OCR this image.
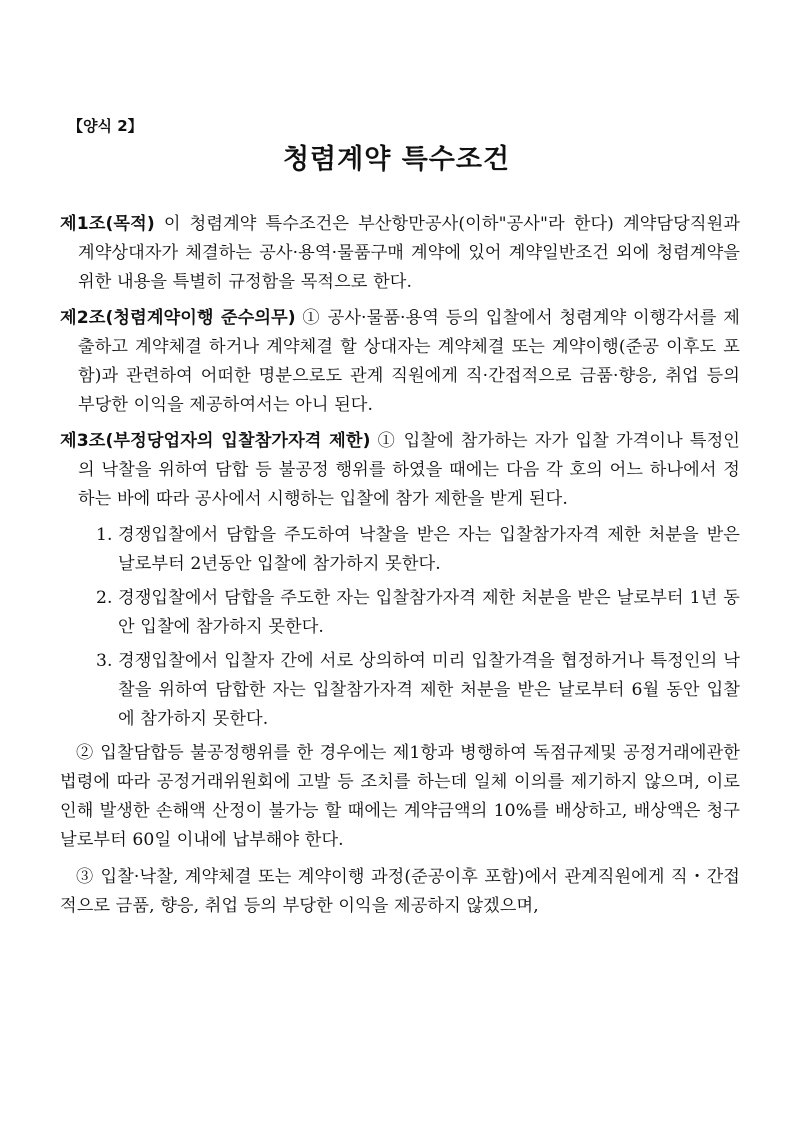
【양식 2】
청렴계약 특수조건

제1조(목적) 이 청렴계약 특수조건은 부산항만공사(이하"공사"라 한다) 계약담당직원과 계약상대자가 체결하는 공사·용역·물품구매 계약에 있어 계약일반조건 외에 청렴계약을 위한 내용을 특별히 규정함을 목적으로 한다.

제2조(청렴계약이행 준수의무) ① 공사·물품·용역 등의 입찰에서 청렴계약 이행각서를 제출하고 계약체결 하거나 계약체결 할 상대자는 계약체결 또는 계약이행(준공 이후도 포함)과 관련하여 어떠한 명분으로도 관계 직원에게 직·간접적으로 금품·향응, 취업 등의 부당한 이익을 제공하여서는 아니 된다.

제3조(부정당업자의 입찰참가자격 제한) ① 입찰에 참가하는 자가 입찰 가격이나 특정인의 낙찰을 위하여 담합 등 불공정 행위를 하였을 때에는 다음 각 호의 어느 하나에서 정하는 바에 따라 공사에서 시행하는 입찰에 참가 제한을 받게 된다.

1. 경쟁입찰에서 담합을 주도하여 낙찰을 받은 자는 입찰참가자격 제한 처분을 받은 날로부터 2년동안 입찰에 참가하지 못한다.
2. 경쟁입찰에서 담합을 주도한 자는 입찰참가자격 제한 처분을 받은 날로부터 1년 동안 입찰에 참가하지 못한다.
3. 경쟁입찰에서 입찰자 간에 서로 상의하여 미리 입찰가격을 협정하거나 특정인의 낙찰을 위하여 담합한 자는 입찰참가자격 제한 처분을 받은 날로부터 6월 동안 입찰에 참가하지 못한다.

② 입찰담합등 불공정행위를 한 경우에는 제1항과 병행하여 독점규제및 공정거래에관한 법령에 따라 공정거래위원회에 고발 등 조치를 하는데 일체 이의를 제기하지 않으며, 이로 인해 발생한 손해액 산정이 불가능 할 때에는 계약금액의 10%를 배상하고, 배상액은 청구날로부터 60일 이내에 납부해야 한다.

③ 입찰·낙찰, 계약체결 또는 계약이행 과정(준공이후 포함)에서 관계직원에게 직・간접적으로 금품, 향응, 취업 등의 부당한 이익을 제공하지 않겠으며,
